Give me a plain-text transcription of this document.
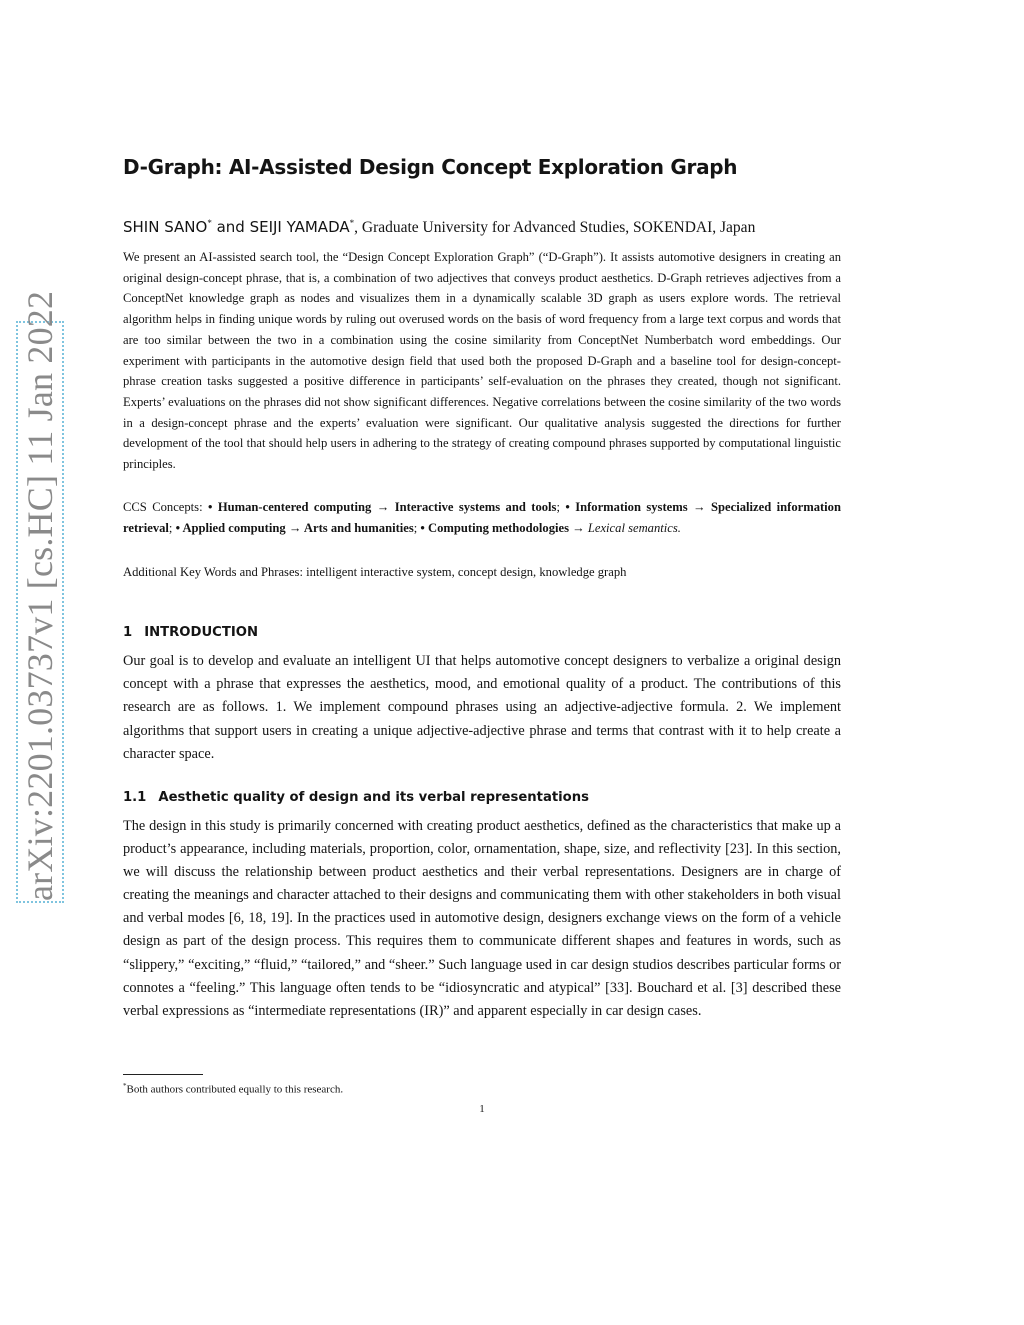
arXiv:2201.03737v1 [cs.HC] 11 Jan 2022
D-Graph: AI-Assisted Design Concept Exploration Graph
SHIN SANO* and SEIJI YAMADA*, Graduate University for Advanced Studies, SOKENDAI, Japan

We present an AI-assisted search tool, the “Design Concept Exploration Graph” (“D-Graph”). It assists automotive designers in creating an original design-concept phrase, that is, a combination of two adjectives that conveys product aesthetics. D-Graph retrieves adjectives from a ConceptNet knowledge graph as nodes and visualizes them in a dynamically scalable 3D graph as users explore words. The retrieval algorithm helps in finding unique words by ruling out overused words on the basis of word frequency from a large text corpus and words that are too similar between the two in a combination using the cosine similarity from ConceptNet Numberbatch word embeddings. Our experiment with participants in the automotive design field that used both the proposed D-Graph and a baseline tool for design-concept-phrase creation tasks suggested a positive difference in participants’ self-evaluation on the phrases they created, though not significant. Experts’ evaluations on the phrases did not show significant differences. Negative correlations between the cosine similarity of the two words in a design-concept phrase and the experts’ evaluation were significant. Our qualitative analysis suggested the directions for further development of the tool that should help users in adhering to the strategy of creating compound phrases supported by computational linguistic principles.

CCS Concepts: • Human-centered computing → Interactive systems and tools; • Information systems → Specialized information retrieval; • Applied computing → Arts and humanities; • Computing methodologies → Lexical semantics.

Additional Key Words and Phrases: intelligent interactive system, concept design, knowledge graph

1 INTRODUCTION

Our goal is to develop and evaluate an intelligent UI that helps automotive concept designers to verbalize a original design concept with a phrase that expresses the aesthetics, mood, and emotional quality of a product. The contributions of this research are as follows. 1. We implement compound phrases using an adjective-adjective formula. 2. We implement algorithms that support users in creating a unique adjective-adjective phrase and terms that contrast with it to help create a character space.

1.1 Aesthetic quality of design and its verbal representations

The design in this study is primarily concerned with creating product aesthetics, defined as the characteristics that make up a product’s appearance, including materials, proportion, color, ornamentation, shape, size, and reflectivity [23]. In this section, we will discuss the relationship between product aesthetics and their verbal representations. Designers are in charge of creating the meanings and character attached to their designs and communicating them with other stakeholders in both visual and verbal modes [6, 18, 19]. In the practices used in automotive design, designers exchange views on the form of a vehicle design as part of the design process. This requires them to communicate different shapes and features in words, such as “slippery,” “exciting,” “fluid,” “tailored,” and “sheer.” Such language used in car design studios describes particular forms or connotes a “feeling.” This language often tends to be “idiosyncratic and atypical” [33]. Bouchard et al. [3] described these verbal expressions as “intermediate representations (IR)” and apparent especially in car design cases.

*Both authors contributed equally to this research.
1
